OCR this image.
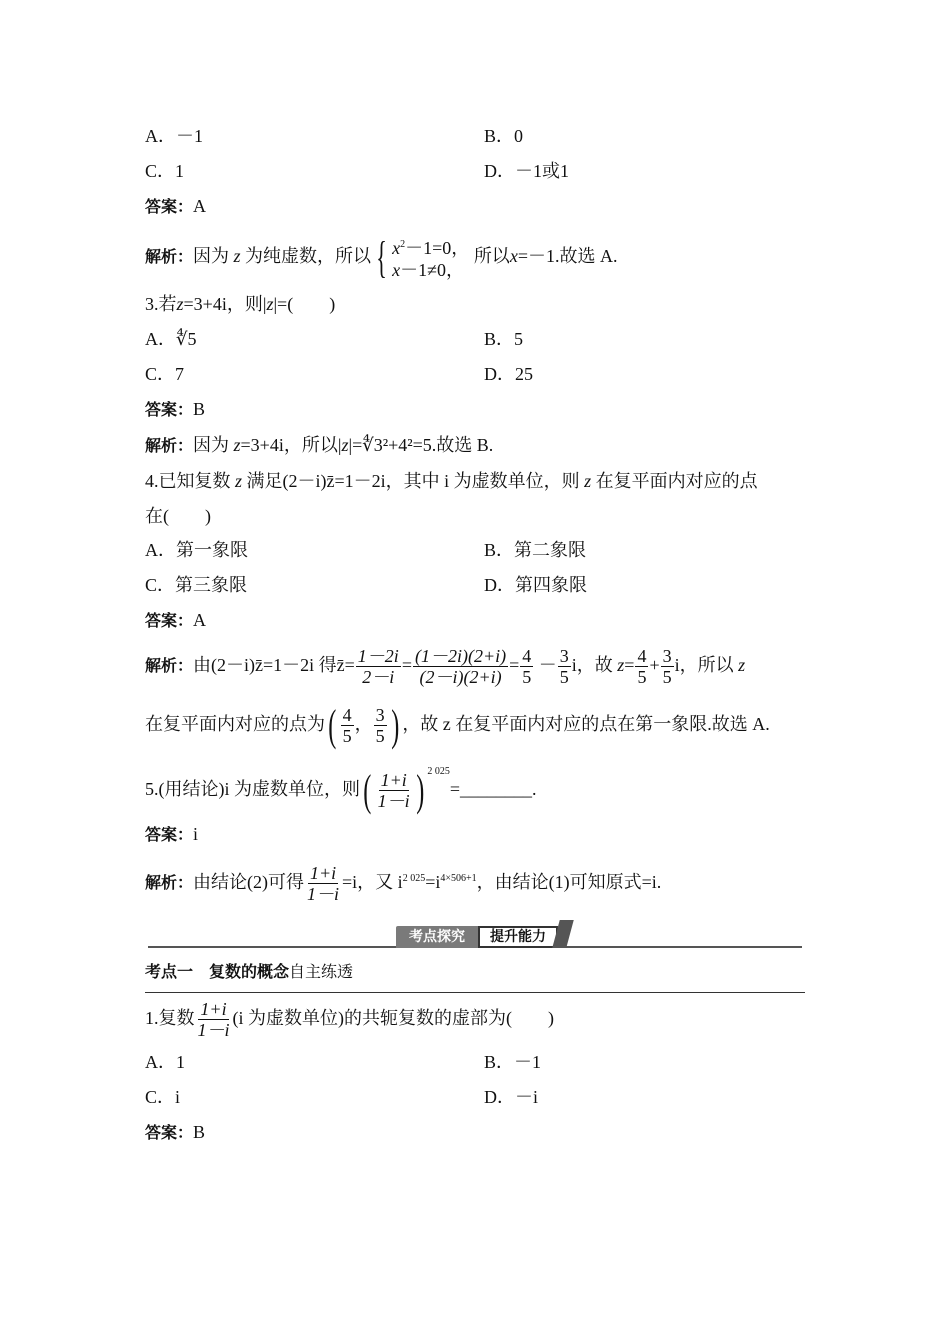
A．－1	B．0
C．1	D．－1或1
答案：A
解析：因为 z 为纯虚数，所以 { $x^2-1=0$，
x－1≠0，
所以x=－1.故选 A.
3.若z=3+4i，则|z|=(　　)
A．∜5	B．5
C．7	D．25
答案：B
解析：因为 z=3+4i，所以|z|=∜3²+4²=5.故选 B.
4.已知复数 z 满足(2－i)z̄=1－2i，其中 i 为虚数单位，则 z 在复平面内对应的点
在(　　)
A．第一象限	B．第二象限
C．第三象限	D．第四象限
答案：A
解析：由(2－i)z̄=1－2i 得z̄= $\frac{1-2i}{2-i} = \frac{(1-2i)(2+i)}{(2-i)(2+i)} = \frac{4}{5} - \frac{3}{5}$ i，故 $z= \frac{4}{5} + \frac{3}{5}$ i，所以 z
在复平面内对应的点为( $\frac{4}{5}$ ， $\frac{3}{5}$ ) ，故 z 在复平面内对应的点在第一象限.故选 A.
5.(用结论)i 为虚数单位，则( $\frac{1+i}{1-i}$ ) $^{2 025}$=________.
答案：i
解析：由结论(2)可得 $\frac{1+i}{1-i} =i$，又 $i^{2 025}=i^{4\times 506+1}$，由结论(1)可知原式=i.
考点探究	提升能力
考点一　复数的概念自主练透
1.复数 $\frac{1+i}{1-i} (i$ 为虚数单位)的共轭复数的虚部为(　　)
A．1	B．－1
C．i	D．－i
答案：B
